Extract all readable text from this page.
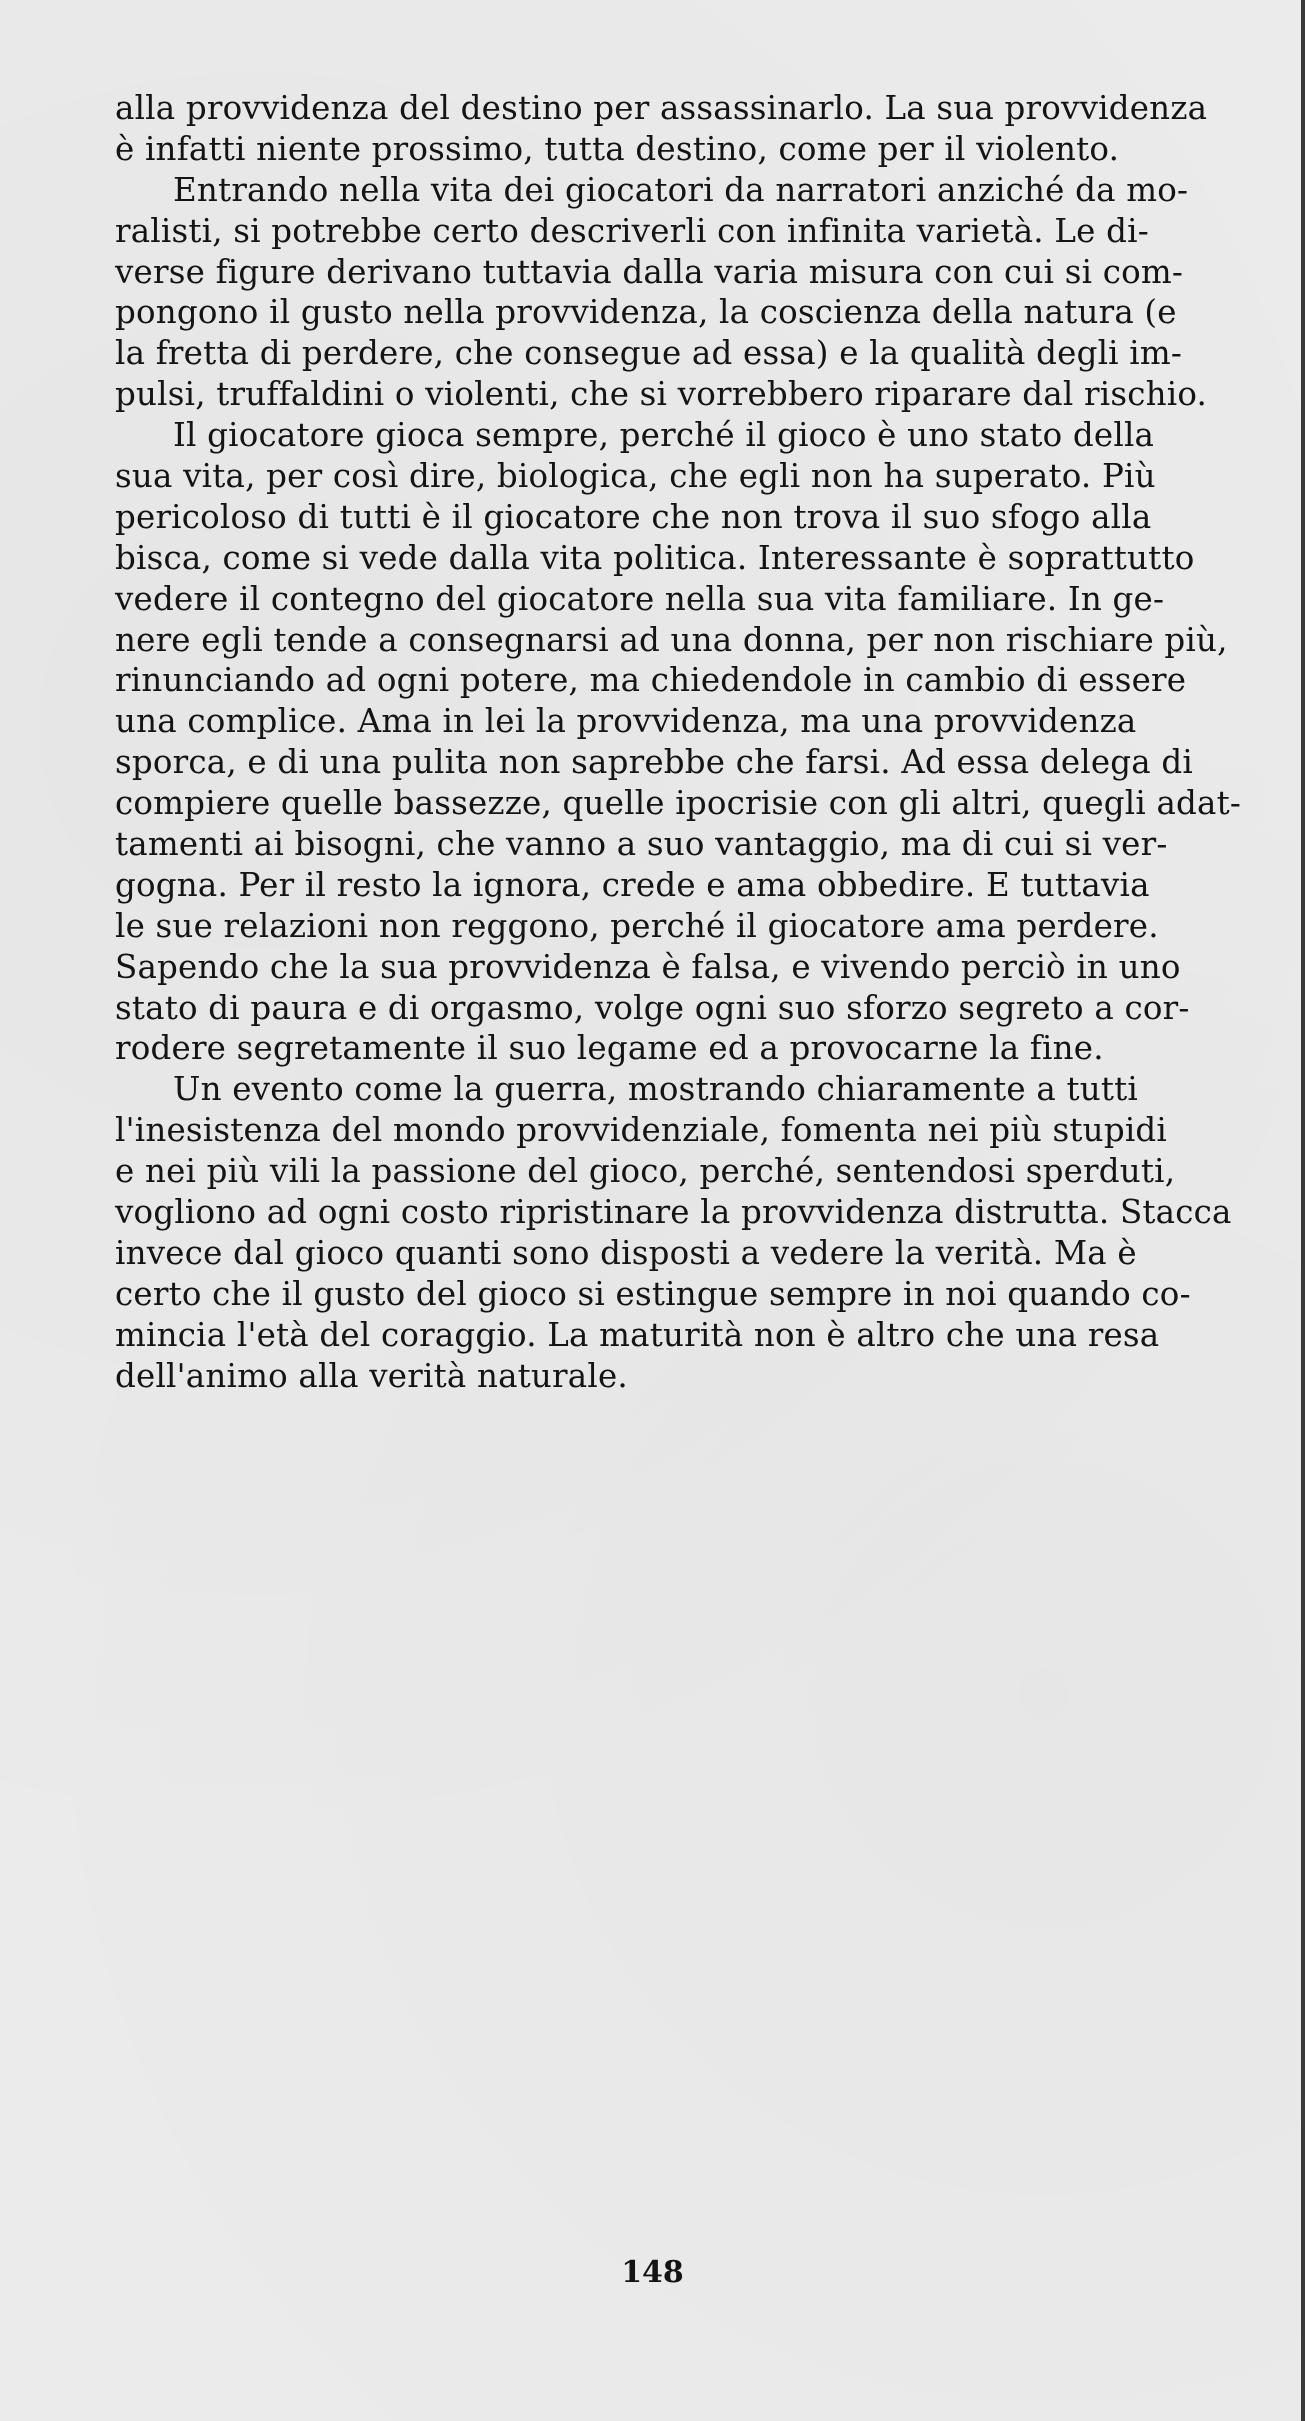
alla provvidenza del destino per assassinarlo. La sua provvidenza
è infatti niente prossimo, tutta destino, come per il violento.
Entrando nella vita dei giocatori da narratori anziché da mo-
ralisti, si potrebbe certo descriverli con infinita varietà. Le di-
verse figure derivano tuttavia dalla varia misura con cui si com-
pongono il gusto nella provvidenza, la coscienza della natura (e
la fretta di perdere, che consegue ad essa) e la qualità degli im-
pulsi, truffaldini o violenti, che si vorrebbero riparare dal rischio.
Il giocatore gioca sempre, perché il gioco è uno stato della
sua vita, per così dire, biologica, che egli non ha superato. Più
pericoloso di tutti è il giocatore che non trova il suo sfogo alla
bisca, come si vede dalla vita politica. Interessante è soprattutto
vedere il contegno del giocatore nella sua vita familiare. In ge-
nere egli tende a consegnarsi ad una donna, per non rischiare più,
rinunciando ad ogni potere, ma chiedendole in cambio di essere
una complice. Ama in lei la provvidenza, ma una provvidenza
sporca, e di una pulita non saprebbe che farsi. Ad essa delega di
compiere quelle bassezze, quelle ipocrisie con gli altri, quegli adat-
tamenti ai bisogni, che vanno a suo vantaggio, ma di cui si ver-
gogna. Per il resto la ignora, crede e ama obbedire. E tuttavia
le sue relazioni non reggono, perché il giocatore ama perdere.
Sapendo che la sua provvidenza è falsa, e vivendo perciò in uno
stato di paura e di orgasmo, volge ogni suo sforzo segreto a cor-
rodere segretamente il suo legame ed a provocarne la fine.
Un evento come la guerra, mostrando chiaramente a tutti
l'inesistenza del mondo provvidenziale, fomenta nei più stupidi
e nei più vili la passione del gioco, perché, sentendosi sperduti,
vogliono ad ogni costo ripristinare la provvidenza distrutta. Stacca
invece dal gioco quanti sono disposti a vedere la verità. Ma è
certo che il gusto del gioco si estingue sempre in noi quando co-
mincia l'età del coraggio. La maturità non è altro che una resa
dell'animo alla verità naturale.
148
